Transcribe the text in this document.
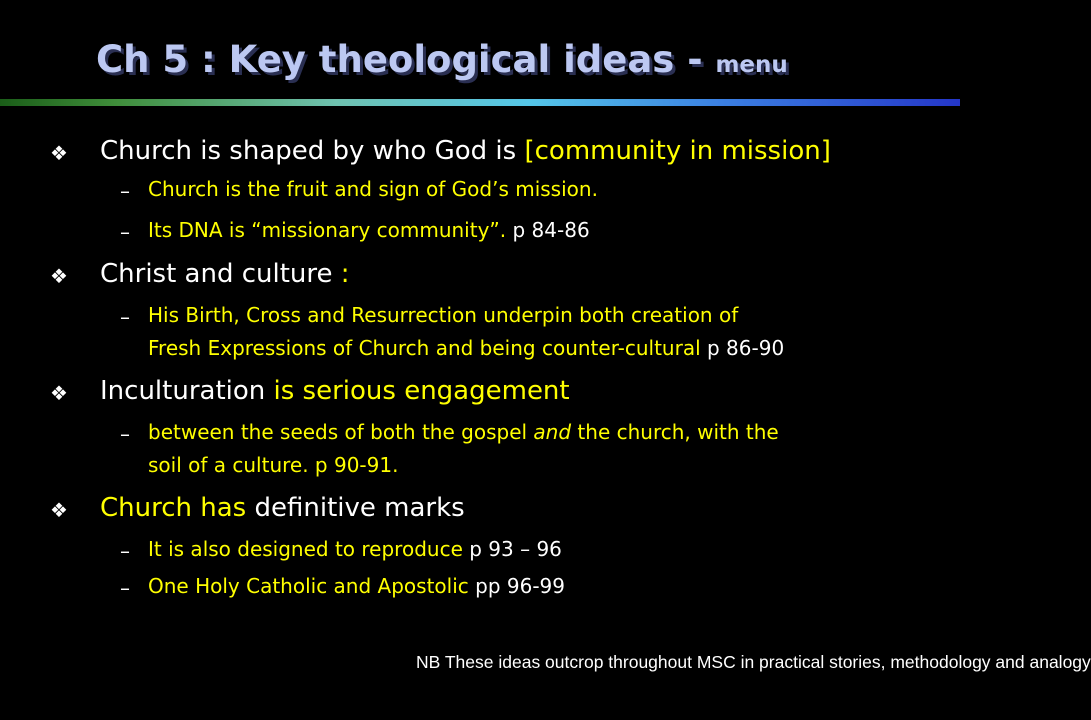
Ch 5 : Key theological ideas - menu
❖ Church is shaped by who God is [community in mission]
– Church is the fruit and sign of God’s mission.
– Its DNA is “missionary community”. p 84-86
❖ Christ and culture :
– His Birth, Cross and Resurrection underpin both creation of
Fresh Expressions of Church and being counter-cultural p 86-90
❖ Inculturation is serious engagement
– between the seeds of both the gospel and the church, with the
soil of a culture. p 90-91.
❖ Church has definitive marks
– It is also designed to reproduce p 93 – 96
– One Holy Catholic and Apostolic pp 96-99
NB These ideas outcrop throughout MSC in practical stories, methodology and analogy
